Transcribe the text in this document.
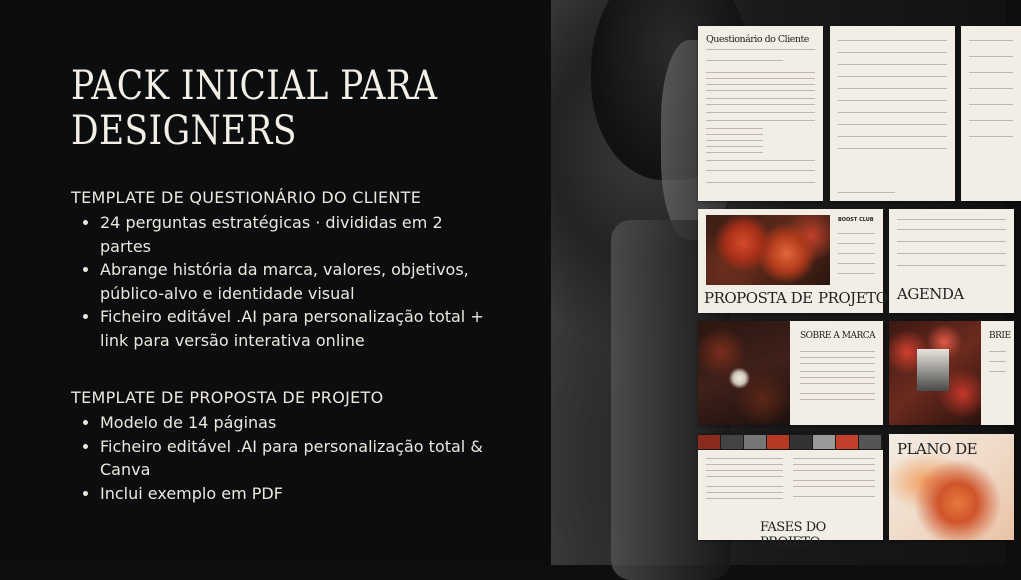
PACK INICIAL PARA DESIGNERS
TEMPLATE DE QUESTIONÁRIO DO CLIENTE
• 24 perguntas estratégicas · divididas em 2 partes
• Abrange história da marca, valores, objetivos, público-alvo e identidade visual
• Ficheiro editável .AI para personalização total + link para versão interativa online
TEMPLATE DE PROPOSTA DE PROJETO
• Modelo de 14 páginas
• Ficheiro editável .AI para personalização total & Canva
• Inclui exemplo em PDF
Questionário do Cliente
BOOST CLUB
PROPOSTA DE PROJETO AGENDA
SOBRE A MARCA	BRIE
FASES DO PROJETO
PLANO DE
